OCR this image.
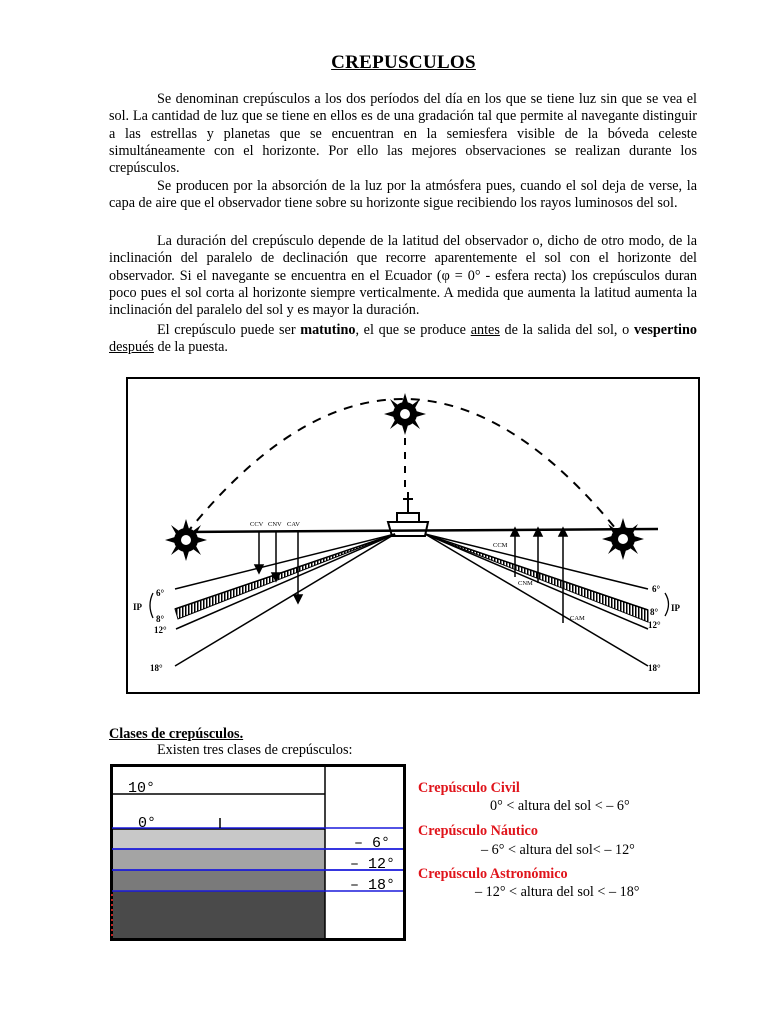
CREPUSCULOS

Se denominan crepúsculos a los dos períodos del día en los que se tiene luz sin que se vea el sol. La cantidad de luz que se tiene en ellos es de una gradación tal que permite al navegante distinguir a las estrellas y planetas que se encuentran en la semiesfera visible de la bóveda celeste simultáneamente con el horizonte. Por ello las mejores observaciones se realizan durante los crepúsculos.

Se producen por la absorción de la luz por la atmósfera pues, cuando el sol deja de verse, la capa de aire que el observador tiene sobre su horizonte sigue recibiendo los rayos luminosos del sol.

La duración del crepúsculo depende de la latitud del observador o, dicho de otro modo, de la inclinación del paralelo de declinación que recorre aparentemente el sol con el horizonte del observador. Si el navegante se encuentra en el Ecuador (φ = 0° - esfera recta) los crepúsculos duran poco pues el sol corta al horizonte siempre verticalmente. A medida que aumenta la latitud aumenta la inclinación del paralelo del sol y es mayor la duración.

El crepúsculo puede ser matutino, el que se produce antes de la salida del sol, o vespertino después de la puesta.

CCV CNV CAV
CCM
CNM
CAM
6°
8°
12°
18°
IP
6°
8°
12°
18°
IP
Clases de crepúsculos.
Existen tres clases de crepúsculos:
10°
0°
– 6°
– 12°
– 18°
Crepúsculo Civil
0° < altura del sol < – 6°
Crepúsculo Náutico
– 6° < altura del sol< – 12°
Crepúsculo Astronómico
– 12° < altura del sol < – 18°
